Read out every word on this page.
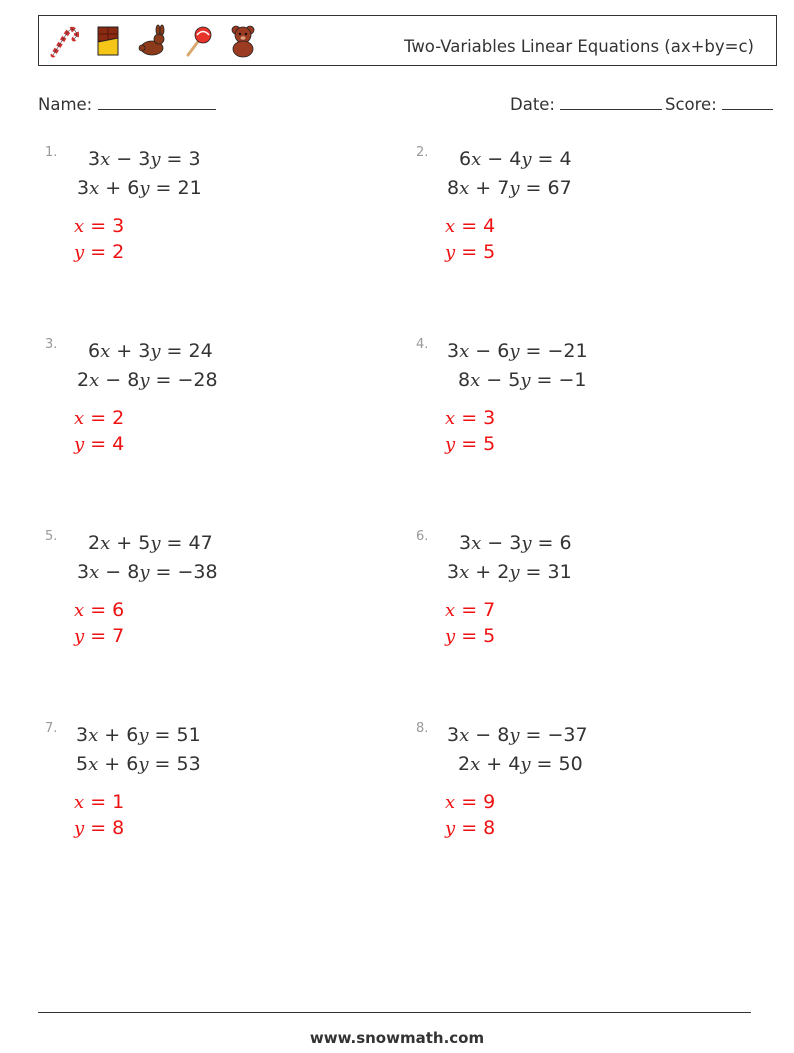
Two-Variables Linear Equations (ax+by=c)
Name:	Date:	Score:
1. 3x − 3y = 3
3x + 6y = 21
x = 3
y = 2
2. 6x − 4y = 4
8x + 7y = 67
x = 4
y = 5
3. 6x + 3y = 24
2x − 8y = −28
x = 2
y = 4
4. 3x − 6y = −21
8x − 5y = −1
x = 3
y = 5
5. 2x + 5y = 47
3x − 8y = −38
x = 6
y = 7
6. 3x − 3y = 6
3x + 2y = 31
x = 7
y = 5
7. 3x + 6y = 51
5x + 6y = 53
x = 1
y = 8
8. 3x − 8y = −37
2x + 4y = 50
x = 9
y = 8
www.snowmath.com
